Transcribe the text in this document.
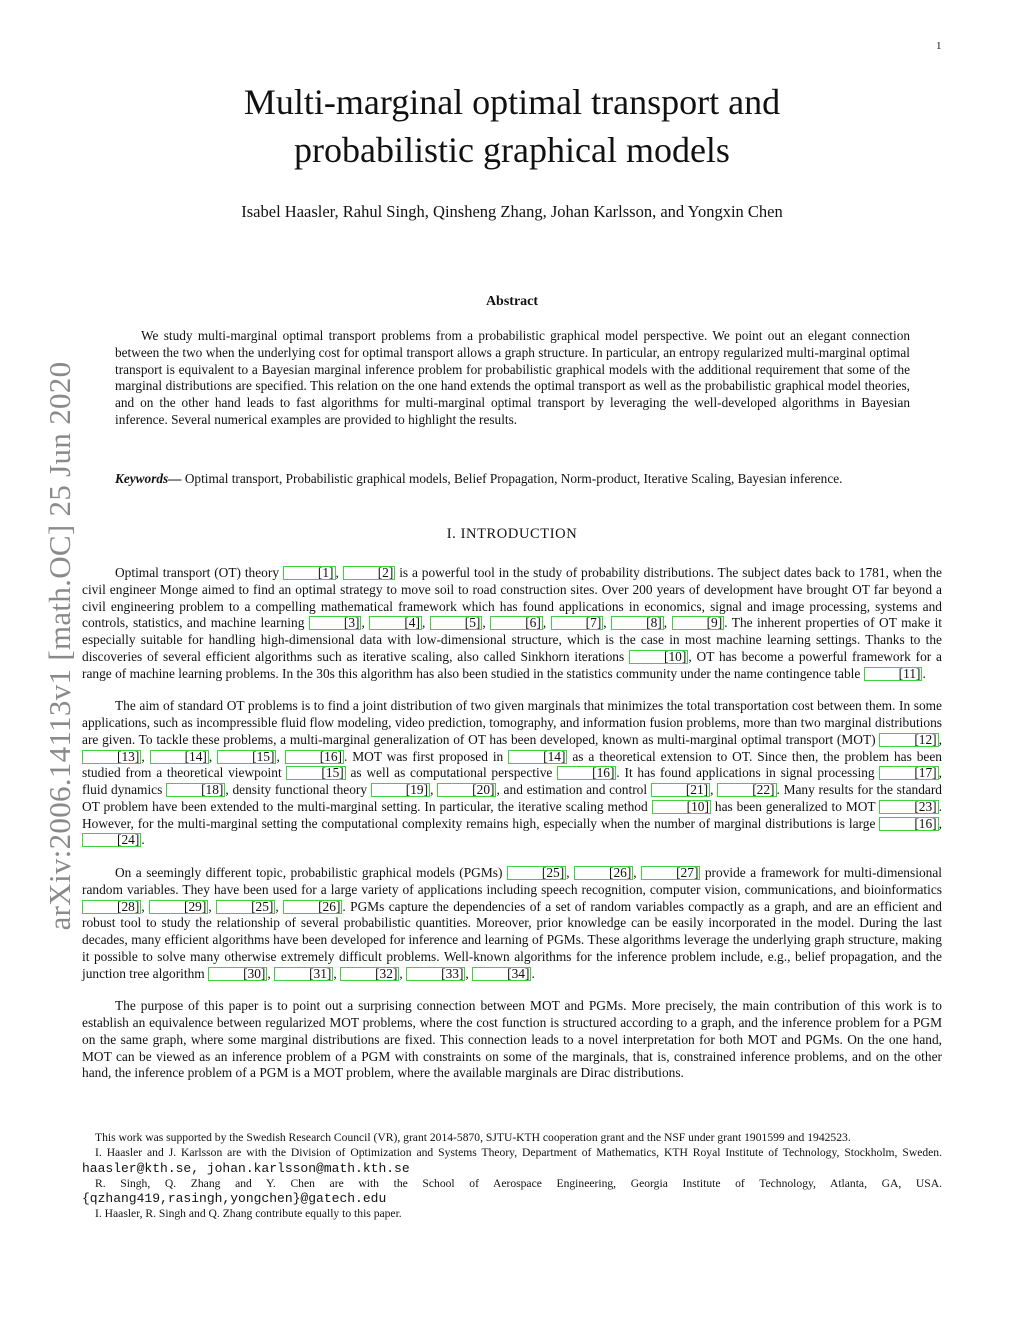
1
arXiv:2006.14113v1 [math.OC] 25 Jun 2020
Multi-marginal optimal transport and probabilistic graphical models
Isabel Haasler, Rahul Singh, Qinsheng Zhang, Johan Karlsson, and Yongxin Chen
Abstract

We study multi-marginal optimal transport problems from a probabilistic graphical model perspective. We point out an elegant connection between the two when the underlying cost for optimal transport allows a graph structure. In particular, an entropy regularized multi-marginal optimal transport is equivalent to a Bayesian marginal inference problem for probabilistic graphical models with the additional requirement that some of the marginal distributions are specified. This relation on the one hand extends the optimal transport as well as the probabilistic graphical model theories, and on the other hand leads to fast algorithms for multi-marginal optimal transport by leveraging the well-developed algorithms in Bayesian inference. Several numerical examples are provided to highlight the results.

Keywords— Optimal transport, Probabilistic graphical models, Belief Propagation, Norm-product, Iterative Scaling, Bayesian inference.
I. INTRODUCTION

Optimal transport (OT) theory	[1] ,	[2] is a powerful tool in the study of probability distributions. The subject dates back to 1781, when the civil engineer Monge aimed to find an optimal strategy to move soil to road construction sites. Over 200 years of development have brought OT far beyond a civil engineering problem to a compelling mathematical framework which has found applications in economics, signal and image processing, systems and controls, statistics, and machine learning	[3] ,	[4] ,	[5] ,	[6] ,	[7] ,	[8] ,	[9] . The inherent properties of OT make it especially suitable for handling high-dimensional data with low-dimensional structure, which is the case in most machine learning settings. Thanks to the discoveries of several efficient algorithms such as iterative scaling, also called Sinkhorn iterations	[10] , OT has become a powerful framework for a range of machine learning problems. In the 30s this algorithm has also been studied in the statistics community under the name contingence table	[11] .

The aim of standard OT problems is to find a joint distribution of two given marginals that minimizes the total transportation cost between them. In some applications, such as incompressible fluid flow modeling, video prediction, tomography, and information fusion problems, more than two marginal distributions are given. To tackle these problems, a multi-marginal generalization of OT has been developed, known as multi-marginal optimal transport (MOT)	[12] , [13] ,	[14] ,	[15] ,	[16] . MOT was first proposed in	[14] as a theoretical extension to OT. Since then, the problem has been studied from a theoretical viewpoint	[15] as well as computational perspective	[16] . It has found applications in signal processing	[17] , fluid dynamics	[18] , density functional theory	[19] ,	[20] , and estimation and control	[21] ,	[22] . Many results for the standard OT problem have been extended to the multi-marginal setting. In particular, the iterative scaling method	[10] has been generalized to MOT	[23] . However, for the multi-marginal setting the computational complexity remains high, especially when the number of marginal distributions is large	[16] , [24] .

On a seemingly different topic, probabilistic graphical models (PGMs)	[25] ,	[26] ,	[27] provide a framework for multi-dimensional random variables. They have been used for a large variety of applications including speech recognition, computer vision, communications, and bioinformatics [28] ,	[29] ,	[25] ,	[26] . PGMs capture the dependencies of a set of random variables compactly as a graph, and are an efficient and robust tool to study the relationship of several probabilistic quantities. Moreover, prior knowledge can be easily incorporated in the model. During the last decades, many efficient algorithms have been developed for inference and learning of PGMs. These algorithms leverage the underlying graph structure, making it possible to solve many otherwise extremely difficult problems. Well-known algorithms for the inference problem include, e.g., belief propagation, and the junction tree algorithm	[30] ,	[31] ,	[32] ,	[33] ,	[34] .

The purpose of this paper is to point out a surprising connection between MOT and PGMs. More precisely, the main contribution of this work is to establish an equivalence between regularized MOT problems, where the cost function is structured according to a graph, and the inference problem for a PGM on the same graph, where some marginal distributions are fixed. This connection leads to a novel interpretation for both MOT and PGMs. On the one hand, MOT can be viewed as an inference problem of a PGM with constraints on some of the marginals, that is, constrained inference problems, and on the other hand, the inference problem of a PGM is a MOT problem, where the available marginals are Dirac distributions.

This work was supported by the Swedish Research Council (VR), grant 2014-5870, SJTU-KTH cooperation grant and the NSF under grant 1901599 and 1942523.

I. Haasler and J. Karlsson are with the Division of Optimization and Systems Theory, Department of Mathematics, KTH Royal Institute of Technology, Stockholm, Sweden. haasler@kth.se, johan.karlsson@math.kth.se

R. Singh, Q. Zhang and Y. Chen are with the School of Aerospace Engineering, Georgia Institute of Technology, Atlanta, GA, USA. {qzhang419,rasingh,yongchen}@gatech.edu

I. Haasler, R. Singh and Q. Zhang contribute equally to this paper.
